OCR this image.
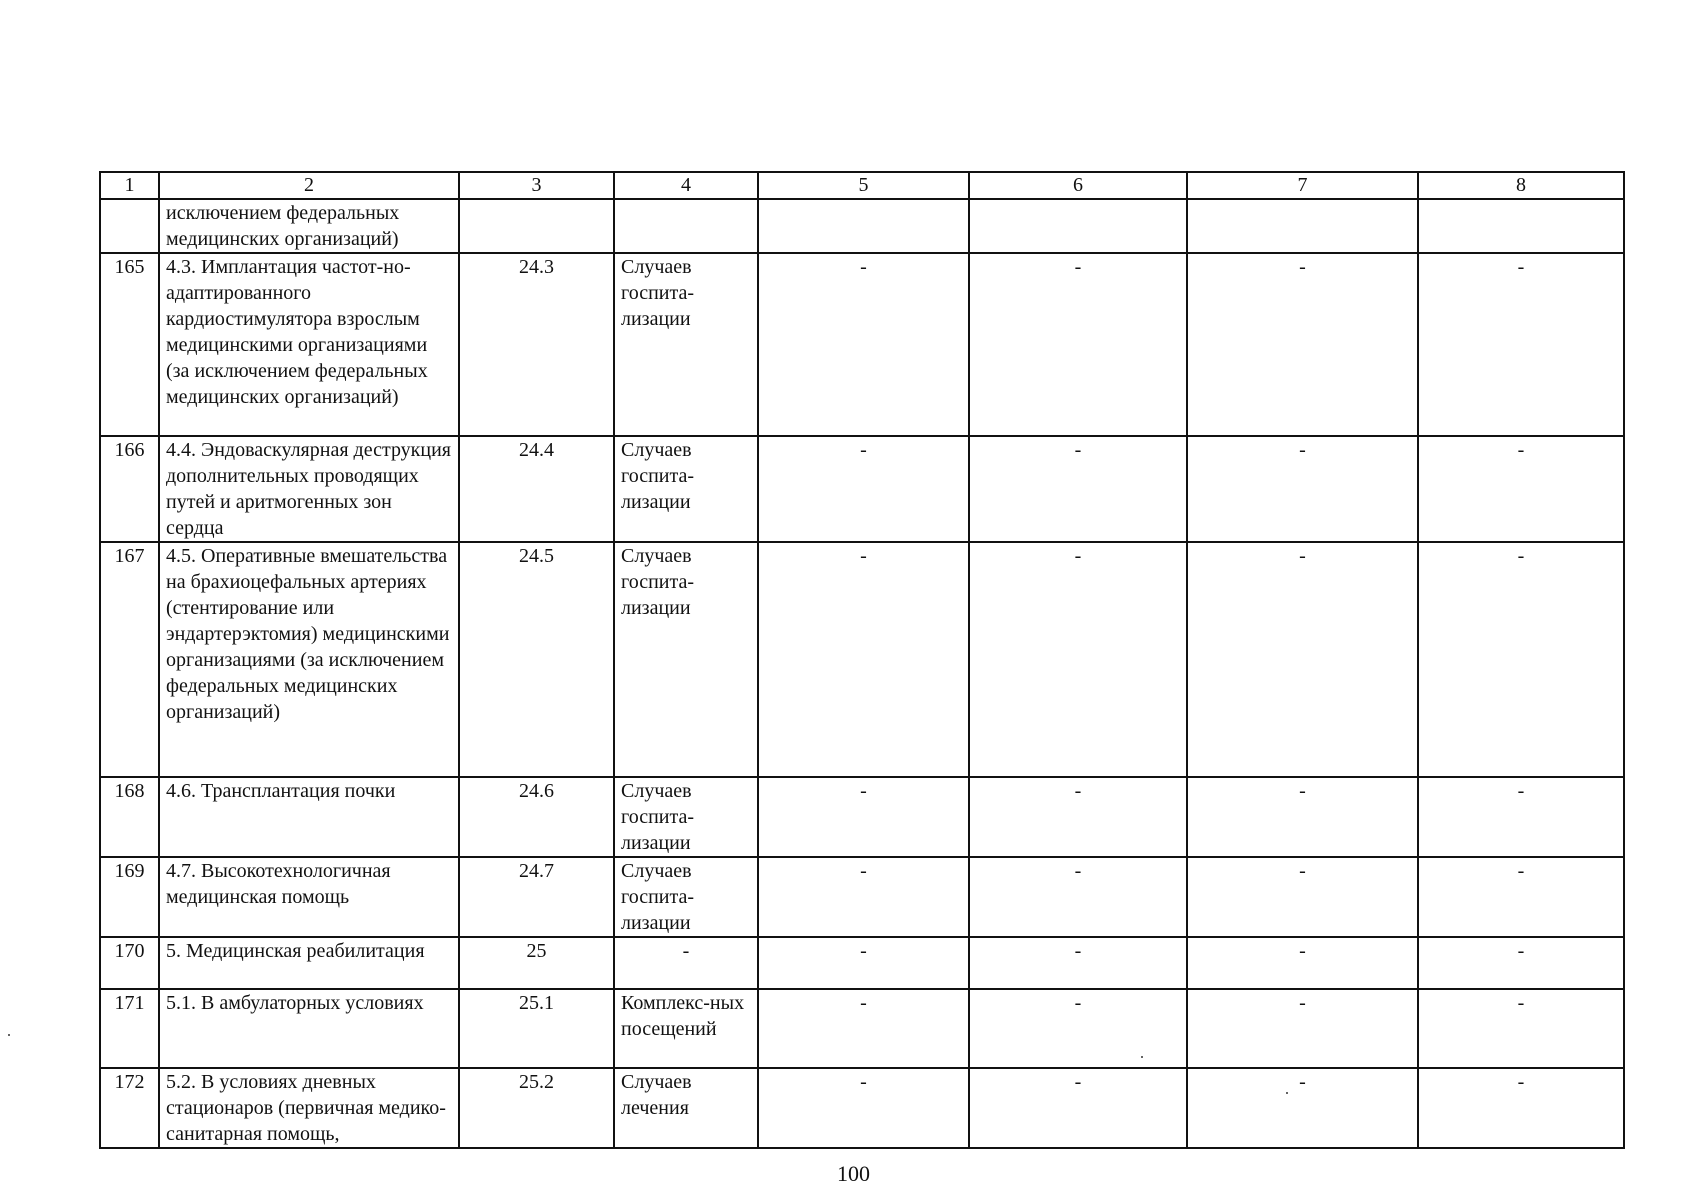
1	2	3	4	5	6	7	8
	исключением федеральных медицинских организаций)						
165	4.3. Имплантация частот-но-адаптированного кардиостимулятора взрослым медицинскими организациями (за исключением федеральных медицинских организаций)	24.3	Случаев госпита-лизации	-	-	-	-
166	4.4. Эндоваскулярная деструкция дополнительных проводящих путей и аритмогенных зон сердца	24.4	Случаев госпита-лизации	-	-	-	-
167	4.5. Оперативные вмешательства на брахиоцефальных артериях (стентирование или эндартерэктомия) медицинскими организациями (за исключением федеральных медицинских организаций)	24.5	Случаев госпита-лизации	-	-	-	-
168	4.6. Трансплантация почки	24.6	Случаев госпита-лизации	-	-	-	-
169	4.7. Высокотехнологичная медицинская помощь	24.7	Случаев госпита-лизации	-	-	-	-
170	5. Медицинская реабилитация	25	-	-	-	-	-
171	5.1. В амбулаторных условиях	25.1	Комплекс-ных посещений	-	-	-	-
172	5.2. В условиях дневных стационаров (первичная медико-санитарная помощь,	25.2	Случаев лечения	-	-	-	-
100
